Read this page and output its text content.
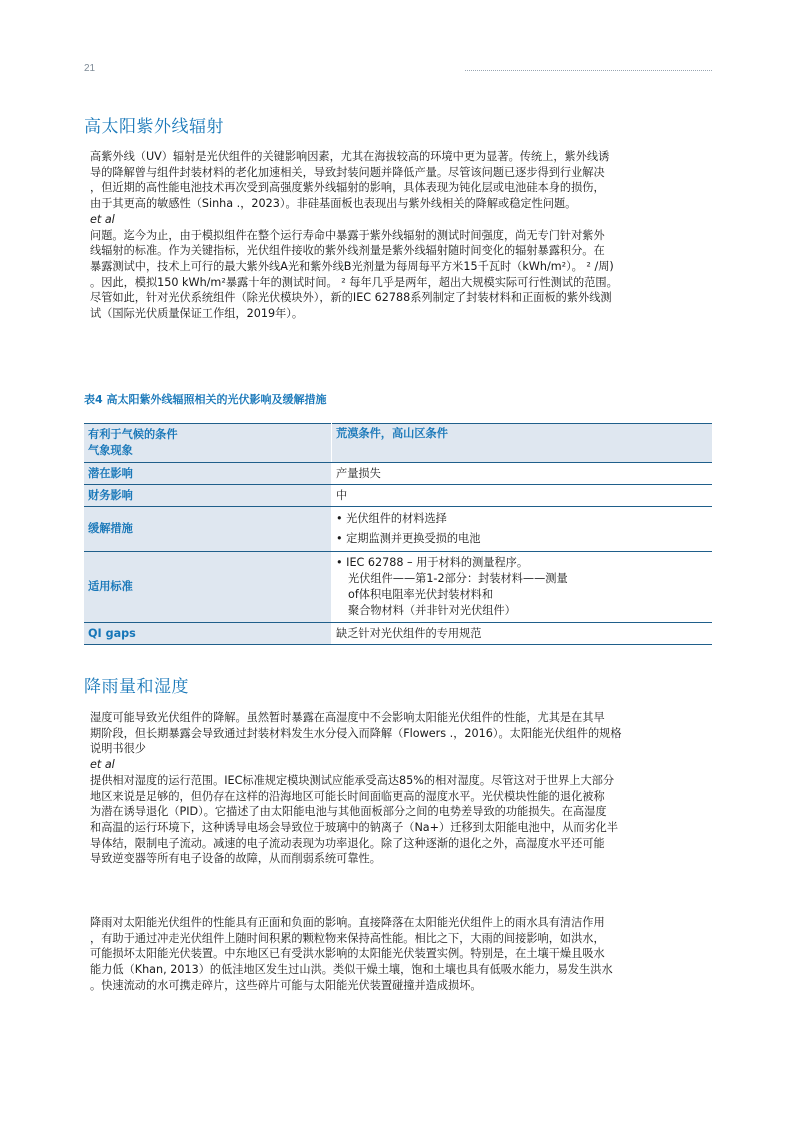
21
高太阳紫外线辐射
高紫外线（UV）辐射是光伏组件的关键影响因素，尤其在海拔较高的环境中更为显著。传统上，紫外线诱
导的降解曾与组件封装材料的老化加速相关，导致封装问题并降低产量。尽管该问题已逐步得到行业解决
，但近期的高性能电池技术再次受到高强度紫外线辐射的影响，具体表现为钝化层或电池硅本身的损伤，
由于其更高的敏感性（Sinha .，2023）。非硅基面板也表现出与紫外线相关的降解或稳定性问题。
et al
问题。迄今为止，由于模拟组件在整个运行寿命中暴露于紫外线辐射的测试时间强度，尚无专门针对紫外
线辐射的标准。作为关键指标，光伏组件接收的紫外线剂量是紫外线辐射随时间变化的辐射暴露积分。在
暴露测试中，技术上可行的最大紫外线A光和紫外线B光剂量为每周每平方米15千瓦时（kWh/m²）。 ² /周)
。因此，模拟150 kWh/m²暴露十年的测试时间。 ² 每年几乎是两年，超出大规模实际可行性测试的范围。
尽管如此，针对光伏系统组件（除光伏模块外），新的IEC 62788系列制定了封装材料和正面板的紫外线测
试（国际光伏质量保证工作组，2019年）。
表4 高太阳紫外线辐照相关的光伏影响及缓解措施
有利于气候的条件
气象现象	荒漠条件，高山区条件

潜在影响	产量损失

财务影响	中

缓解措施	• 光伏组件的材料选择
• 定期监测并更换受损的电池

适用标准	• IEC 62788 – 用于材料的测量程序。
光伏组件——第1-2部分：封装材料——测量
of体积电阻率光伏封装材料和
聚合物材料（并非针对光伏组件）

QI gaps	缺乏针对光伏组件的专用规范
降雨量和湿度
湿度可能导致光伏组件的降解。虽然暂时暴露在高湿度中不会影响太阳能光伏组件的性能，尤其是在其早
期阶段，但长期暴露会导致通过封装材料发生水分侵入而降解（Flowers .，2016）。太阳能光伏组件的规格
说明书很少
et al
提供相对湿度的运行范围。IEC标准规定模块测试应能承受高达85%的相对湿度。尽管这对于世界上大部分
地区来说是足够的，但仍存在这样的沿海地区可能长时间面临更高的湿度水平。光伏模块性能的退化被称
为潜在诱导退化（PID）。它描述了由太阳能电池与其他面板部分之间的电势差导致的功能损失。在高湿度
和高温的运行环境下，这种诱导电场会导致位于玻璃中的钠离子（Na+）迁移到太阳能电池中，从而劣化半
导体结，限制电子流动。减速的电子流动表现为功率退化。除了这种逐渐的退化之外，高湿度水平还可能
导致逆变器等所有电子设备的故障，从而削弱系统可靠性。
降雨对太阳能光伏组件的性能具有正面和负面的影响。直接降落在太阳能光伏组件上的雨水具有清洁作用
，有助于通过冲走光伏组件上随时间积累的颗粒物来保持高性能。相比之下，大雨的间接影响，如洪水，
可能损坏太阳能光伏装置。中东地区已有受洪水影响的太阳能光伏装置实例。特别是，在土壤干燥且吸水
能力低（Khan, 2013）的低洼地区发生过山洪。类似干燥土壤，饱和土壤也具有低吸水能力，易发生洪水
。快速流动的水可携走碎片，这些碎片可能与太阳能光伏装置碰撞并造成损坏。
